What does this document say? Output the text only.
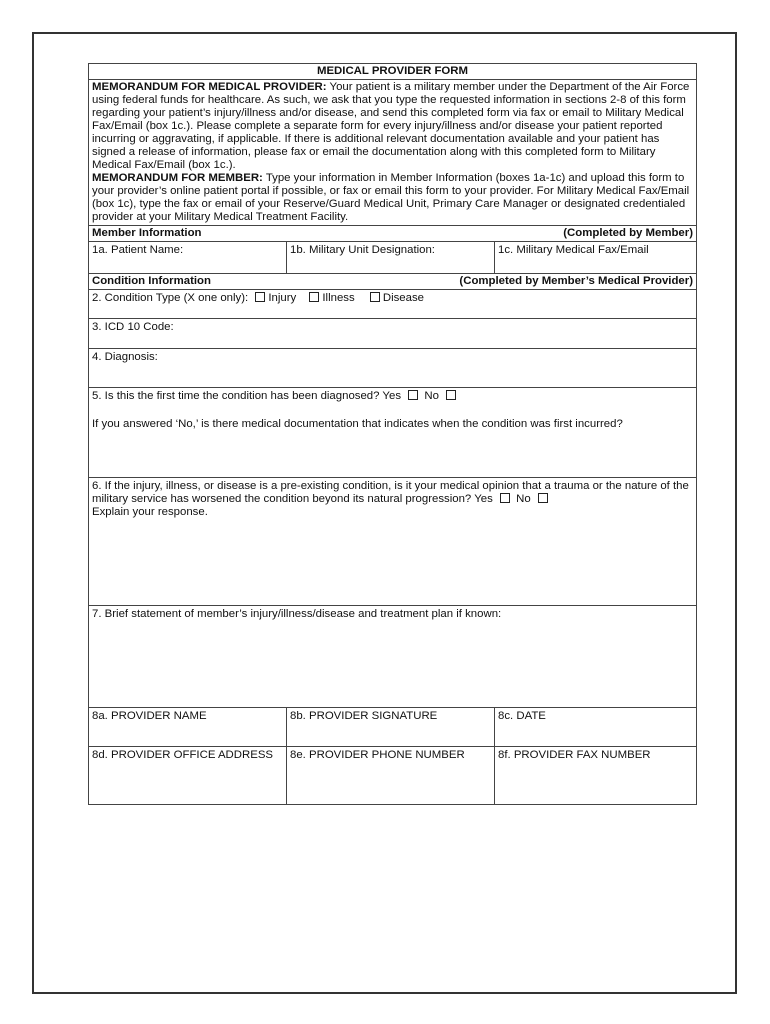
MEDICAL PROVIDER FORM
MEMORANDUM FOR MEDICAL PROVIDER: Your patient is a military member under the Department of the Air Force using federal funds for healthcare. As such, we ask that you type the requested information in sections 2-8 of this form regarding your patient’s injury/illness and/or disease, and send this completed form via fax or email to Military Medical Fax/Email (box 1c.). Please complete a separate form for every injury/illness and/or disease your patient reported incurring or aggravating, if applicable. If there is additional relevant documentation available and your patient has signed a release of information, please fax or email the documentation along with this completed form to Military Medical Fax/Email (box 1c.).
MEMORANDUM FOR MEMBER: Type your information in Member Information (boxes 1a-1c) and upload this form to your provider’s online patient portal if possible, or fax or email this form to your provider. For Military Medical Fax/Email (box 1c), type the fax or email of your Reserve/Guard Medical Unit, Primary Care Manager or designated credentialed provider at your Military Medical Treatment Facility.
Member Information	(Completed by Member)
1a. Patient Name:	1b. Military Unit Designation:	1c. Military Medical Fax/Email
Condition Information	(Completed by Member’s Medical Provider)
2. Condition Type (X one only): Injury Illness Disease
3. ICD 10 Code:
4. Diagnosis:
5. Is this the first time the condition has been diagnosed? Yes No
If you answered ‘No,’ is there medical documentation that indicates when the condition was first incurred?
6. If the injury, illness, or disease is a pre-existing condition, is it your medical opinion that a trauma or the nature of the military service has worsened the condition beyond its natural progression? Yes No
Explain your response.
7. Brief statement of member’s injury/illness/disease and treatment plan if known:
8a. PROVIDER NAME	8b. PROVIDER SIGNATURE	8c. DATE
8d. PROVIDER OFFICE ADDRESS	8e. PROVIDER PHONE NUMBER	8f. PROVIDER FAX NUMBER
